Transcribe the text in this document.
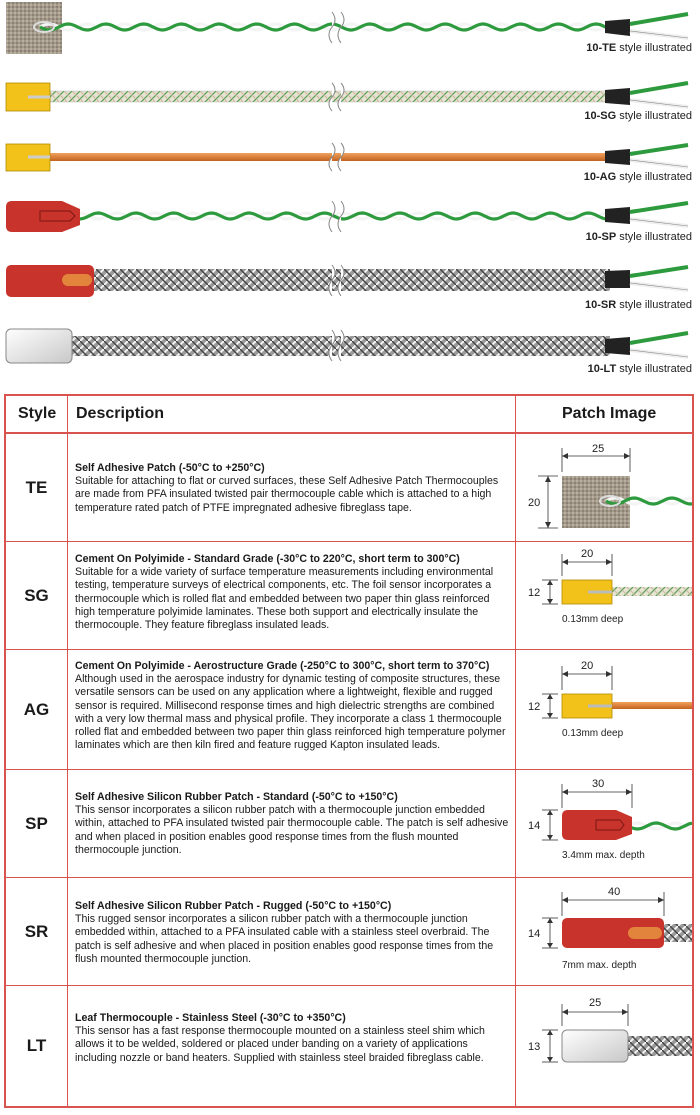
10-TE style illustrated
10-SG style illustrated
10-AG style illustrated
10-SP style illustrated
10-SR style illustrated
10-LT style illustrated
Style Description	Patch Image
TE
Self Adhesive Patch (-50°C to +250°C)
Suitable for attaching to flat or curved surfaces, these Self Adhesive Patch Thermocouples are made from PFA insulated twisted pair thermocouple cable which is attached to a high temperature rated patch of PTFE impregnated adhesive fibreglass tape.
25
20
SG
Cement On Polyimide - Standard Grade (-30°C to 220°C, short term to 300°C)
Suitable for a wide variety of surface temperature measurements including environmental testing, temperature surveys of electrical components, etc. The foil sensor incorporates a thermocouple which is rolled flat and embedded between two paper thin glass reinforced high temperature polyimide laminates. These both support and electrically insulate the thermocouple. They feature fibreglass insulated leads.
20
12
0.13mm deep
AG
Cement On Polyimide - Aerostructure Grade (-250°C to 300°C, short term to 370°C)
Although used in the aerospace industry for dynamic testing of composite structures, these versatile sensors can be used on any application where a lightweight, flexible and rugged sensor is required. Millisecond response times and high dielectric strengths are combined with a very low thermal mass and physical profile. They incorporate a class 1 thermocouple rolled flat and embedded between two paper thin glass reinforced high temperature polymer laminates which are then kiln fired and feature rugged Kapton insulated leads.
20
12
0.13mm deep
SP
Self Adhesive Silicon Rubber Patch - Standard (-50°C to +150°C)
This sensor incorporates a silicon rubber patch with a thermocouple junction embedded within, attached to PFA insulated twisted pair thermocouple cable. The patch is self adhesive and when placed in position enables good response times from the flush mounted thermocouple junction.
30
14
3.4mm max. depth
SR
Self Adhesive Silicon Rubber Patch - Rugged (-50°C to +150°C)
This rugged sensor incorporates a silicon rubber patch with a thermocouple junction embedded within, attached to a PFA insulated cable with a stainless steel overbraid. The patch is self adhesive and when placed in position enables good response times from the flush mounted thermocouple junction.
40
14
7mm max. depth
LT
Leaf Thermocouple - Stainless Steel (-30°C to +350°C)
This sensor has a fast response thermocouple mounted on a stainless steel shim which allows it to be welded, soldered or placed under banding on a variety of applications including nozzle or band heaters. Supplied with stainless steel braided fibreglass cable.
25
13
